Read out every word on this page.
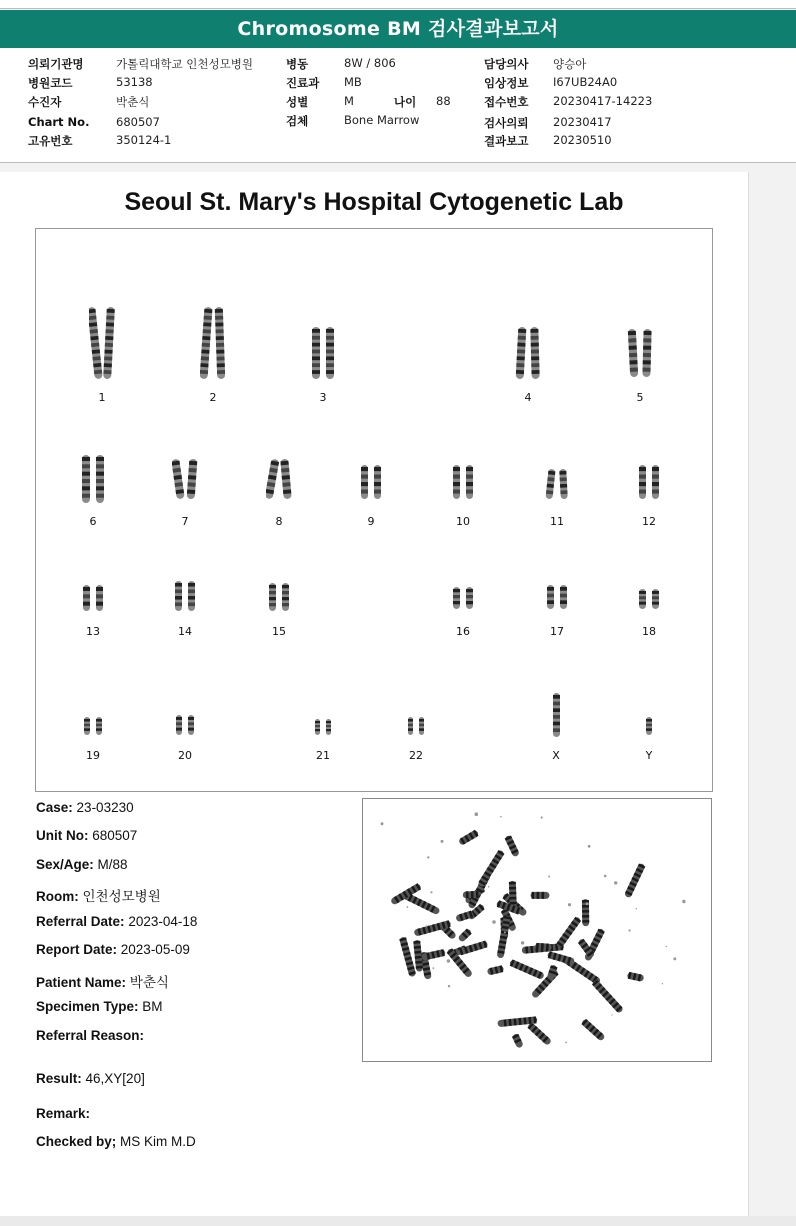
Chromosome BM 검사결과보고서
의뢰기관명	가톨릭대학교 인천성모병원
병원코드	53138
수진자	박춘식
Chart No. 680507
고유번호	350124-1
병동	8W / 806
진료과 MB
성별	M	나이 88
검체	Bone Marrow
담당의사 양승아
임상정보 I67UB24A0
접수번호 20230417-14223
검사의뢰 20230417
결과보고 20230510
Seoul St. Mary's Hospital Cytogenetic Lab
1	2	3	4	5
6	7	8	9	10	11	12
13	14	15	16	17	18
19	20	21	22	X	Y
Case: 23-03230
Unit No: 680507
Sex/Age: M/88
Room: 인천성모병원
Referral Date: 2023-04-18
Report Date: 2023-05-09
Patient Name: 박춘식
Specimen Type: BM
Referral Reason:
Result: 46,XY[20]
Remark:
Checked by; MS Kim M.D
